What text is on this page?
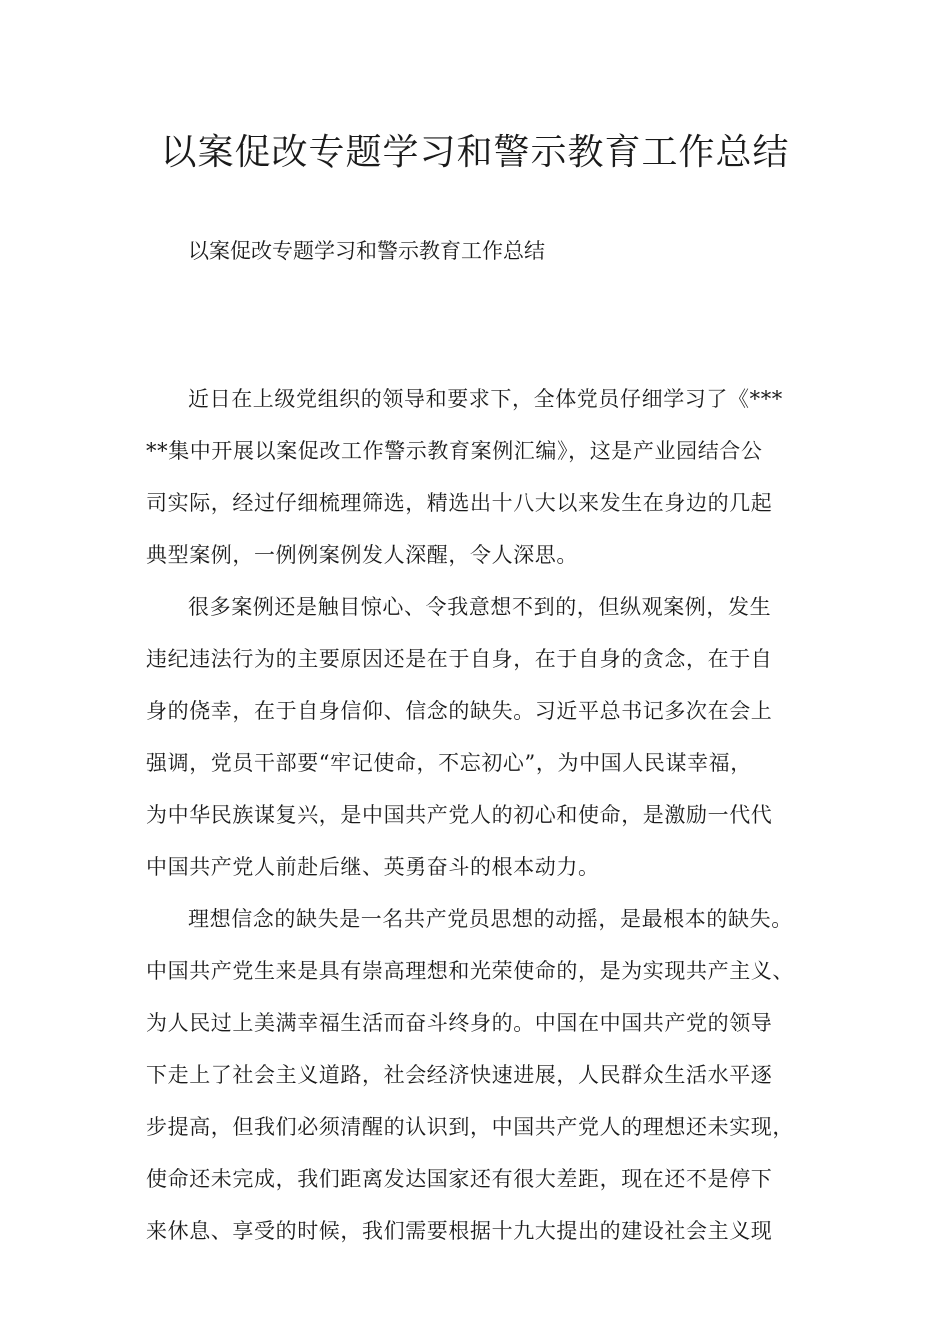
以案促改专题学习和警示教育工作总结

以案促改专题学习和警示教育工作总结

近日在上级党组织的领导和要求下，全体党员仔细学习了《***
**集中开展以案促改工作警示教育案例汇编》，这是产业园结合公
司实际，经过仔细梳理筛选，精选出十八大以来发生在身边的几起
典型案例，一例例案例发人深醒，令人深思。
很多案例还是触目惊心、令我意想不到的，但纵观案例，发生
违纪违法行为的主要原因还是在于自身，在于自身的贪念，在于自
身的侥幸，在于自身信仰、信念的缺失。习近平总书记多次在会上
强调，党员干部要“牢记使命，不忘初心”，为中国人民谋幸福，
为中华民族谋复兴，是中国共产党人的初心和使命，是激励一代代
中国共产党人前赴后继、英勇奋斗的根本动力。
理想信念的缺失是一名共产党员思想的动摇，是最根本的缺失。
中国共产党生来是具有崇高理想和光荣使命的，是为实现共产主义、
为人民过上美满幸福生活而奋斗终身的。中国在中国共产党的领导
下走上了社会主义道路，社会经济快速进展，人民群众生活水平逐
步提高，但我们必须清醒的认识到，中国共产党人的理想还未实现，
使命还未完成，我们距离发达国家还有很大差距，现在还不是停下
来休息、享受的时候，我们需要根据十九大提出的建设社会主义现
